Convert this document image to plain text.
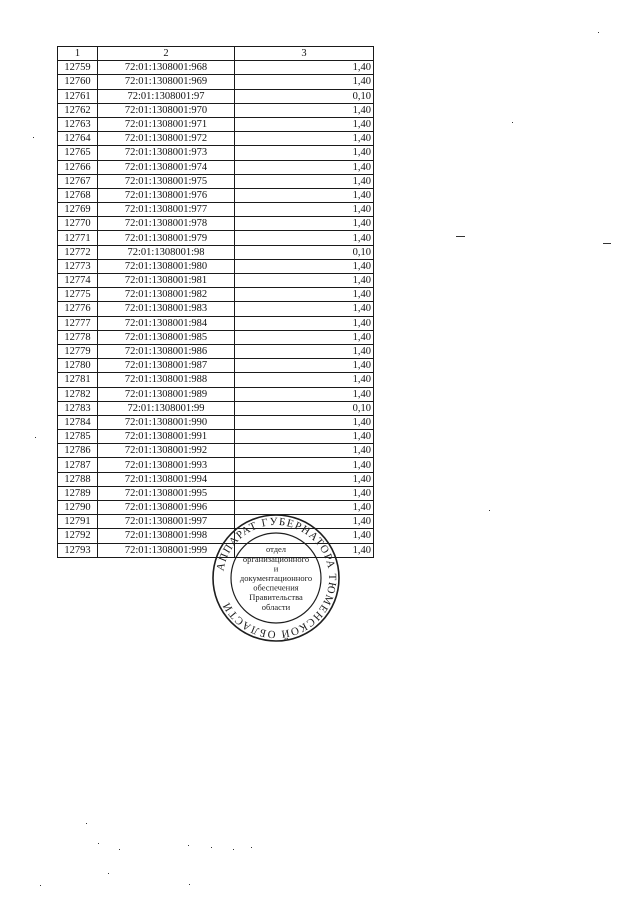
1	2	3
12759	72:01:1308001:968	1,40
12760	72:01:1308001:969	1,40
12761	72:01:1308001:97	0,10
12762	72:01:1308001:970	1,40
12763	72:01:1308001:971	1,40
12764	72:01:1308001:972	1,40
12765	72:01:1308001:973	1,40
12766	72:01:1308001:974	1,40
12767	72:01:1308001:975	1,40
12768	72:01:1308001:976	1,40
12769	72:01:1308001:977	1,40
12770	72:01:1308001:978	1,40
12771	72:01:1308001:979	1,40
12772	72:01:1308001:98	0,10
12773	72:01:1308001:980	1,40
12774	72:01:1308001:981	1,40
12775	72:01:1308001:982	1,40
12776	72:01:1308001:983	1,40
12777	72:01:1308001:984	1,40
12778	72:01:1308001:985	1,40
12779	72:01:1308001:986	1,40
12780	72:01:1308001:987	1,40
12781	72:01:1308001:988	1,40
12782	72:01:1308001:989	1,40
12783	72:01:1308001:99	0,10
12784	72:01:1308001:990	1,40
12785	72:01:1308001:991	1,40
12786	72:01:1308001:992	1,40
12787	72:01:1308001:993	1,40
12788	72:01:1308001:994	1,40
12789	72:01:1308001:995	1,40
12790	72:01:1308001:996	1,40
12791	72:01:1308001:997	1,40
12792	72:01:1308001:998	1,40
12793	72:01:1308001:999	1,40
АППАРАТ ГУБЕРНАТОРА ТЮМЕНСКОЙ ОБЛАСТИ
отдел
организационного
и
документационного
обеспечения
Правительства
области
